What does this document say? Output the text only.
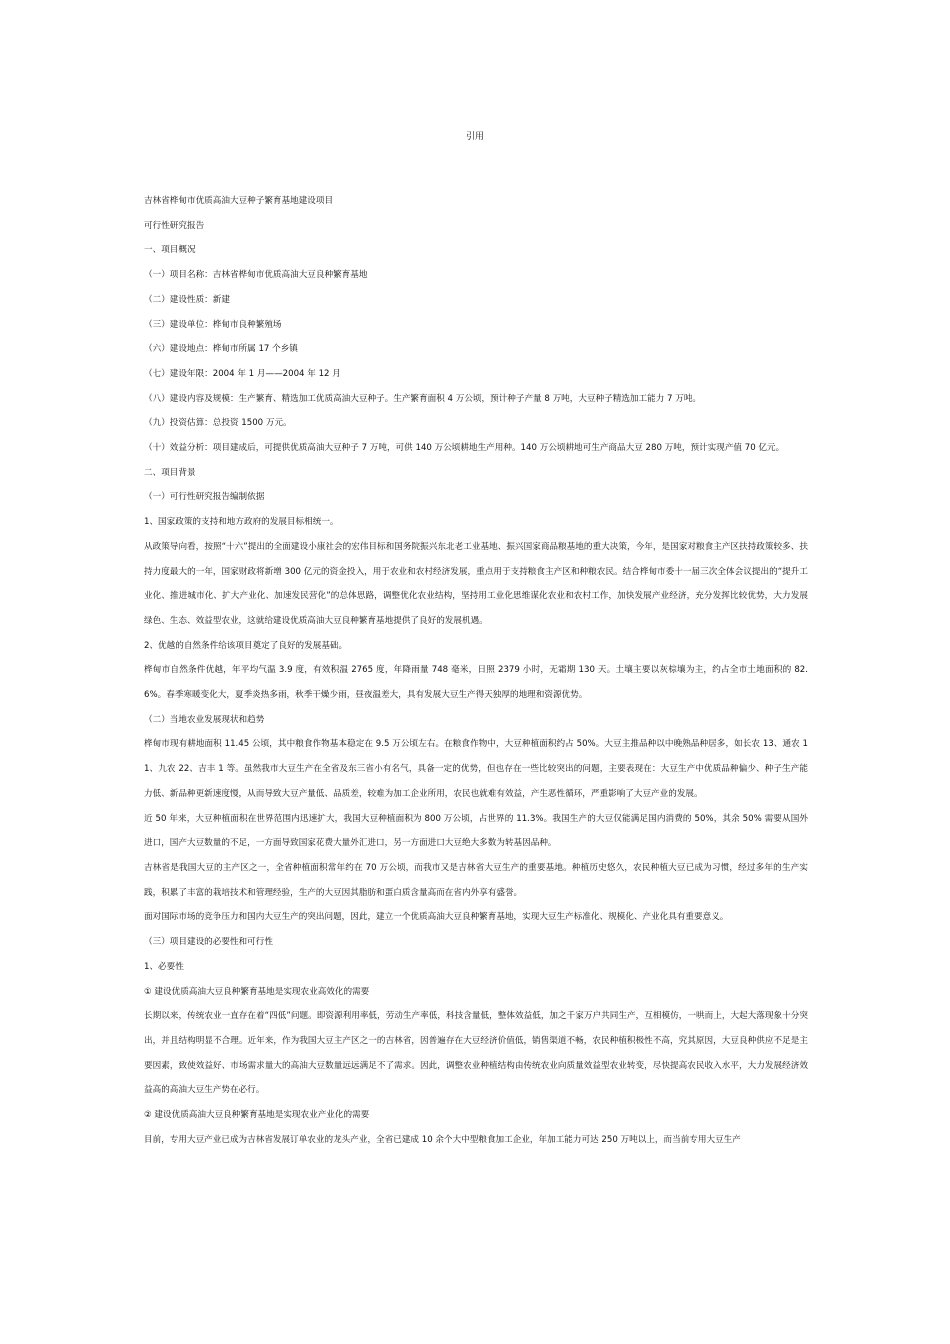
引用

吉林省桦甸市优质高油大豆种子繁育基地建设项目

可行性研究报告

一、项目概况

（一）项目名称：吉林省桦甸市优质高油大豆良种繁育基地

（二）建设性质：新建

（三）建设单位：桦甸市良种繁殖场

（六）建设地点：桦甸市所属 17 个乡镇

（七）建设年限：2004 年 1 月——2004 年 12 月

（八）建设内容及规模：生产繁育、精选加工优质高油大豆种子。生产繁育面积 4 万公顷，预计种子产量 8 万吨，大豆种子精选加工能力 7 万吨。

（九）投资估算：总投资 1500 万元。

（十）效益分析：项目建成后，可提供优质高油大豆种子 7 万吨，可供 140 万公顷耕地生产用种。140 万公顷耕地可生产商品大豆 280 万吨，预计实现产值 70 亿元。

二、项目背景

（一）可行性研究报告编制依据

1、国家政策的支持和地方政府的发展目标相统一。

从政策导向看，按照“十六”提出的全面建设小康社会的宏伟目标和国务院振兴东北老工业基地、振兴国家商品粮基地的重大决策，今年，是国家对粮食主产区扶持政策较多、扶持力度最大的一年，国家财政将新增 300 亿元的资金投入，用于农业和农村经济发展，重点用于支持粮食主产区和种粮农民。结合桦甸市委十一届三次全体会议提出的“提升工业化、推进城市化、扩大产业化、加速发民营化”的总体思路，调整优化农业结构，坚持用工业化思维谋化农业和农村工作，加快发展产业经济，充分发挥比较优势，大力发展绿色、生态、效益型农业，这就给建设优质高油大豆良种繁育基地提供了良好的发展机遇。

2、优越的自然条件给该项目奠定了良好的发展基础。

桦甸市自然条件优越，年平均气温 3.9 度，有效积温 2765 度，年降雨量 748 毫米，日照 2379 小时，无霜期 130 天。土壤主要以灰棕壤为主，约占全市土地面积的 82.6%。春季寒暖变化大，夏季炎热多雨，秋季干燥少雨，昼夜温差大，具有发展大豆生产得天独厚的地理和资源优势。

（二）当地农业发展现状和趋势

桦甸市现有耕地面积 11.45 公顷，其中粮食作物基本稳定在 9.5 万公顷左右。在粮食作物中，大豆种植面积约占 50%。大豆主推品种以中晚熟品种居多，如长农 13、通农 11、九农 22、吉丰 1 等。虽然我市大豆生产在全省及东三省小有名气，具备一定的优势，但也存在一些比较突出的问题，主要表现在：大豆生产中优质品种偏少、种子生产能力低、新品种更新速度慢，从而导致大豆产量低、品质差，较难为加工企业所用，农民也就难有效益，产生恶性循环，严重影响了大豆产业的发展。

近 50 年来，大豆种植面积在世界范围内迅速扩大，我国大豆种植面积为 800 万公顷，占世界的 11.3%。我国生产的大豆仅能满足国内消费的 50%，其余 50% 需要从国外进口，国产大豆数量的不足，一方面导致国家花费大量外汇进口，另一方面进口大豆绝大多数为转基因品种。

吉林省是我国大豆的主产区之一，全省种植面积常年约在 70 万公顷，而我市又是吉林省大豆生产的重要基地。种植历史悠久，农民种植大豆已成为习惯，经过多年的生产实践，积累了丰富的栽培技术和管理经验，生产的大豆因其脂肪和蛋白质含量高而在省内外享有盛誉。

面对国际市场的竞争压力和国内大豆生产的突出问题，因此，建立一个优质高油大豆良种繁育基地，实现大豆生产标准化、规模化、产业化具有重要意义。

（三）项目建设的必要性和可行性

1、必要性

① 建设优质高油大豆良种繁育基地是实现农业高效化的需要

长期以来，传统农业一直存在着“四低”问题。即资源利用率低，劳动生产率低，科技含量低，整体效益低，加之千家万户共同生产，互相模仿，一哄而上，大起大落现象十分突出，并且结构明显不合理。近年来，作为我国大豆主产区之一的吉林省，因普遍存在大豆经济价值低，销售渠道不畅，农民种植积极性不高，究其原因，大豆良种供应不足是主要因素，致使效益好、市场需求量大的高油大豆数量远远满足不了需求。因此，调整农业种植结构由传统农业向质量效益型农业转变，尽快提高农民收入水平，大力发展经济效益高的高油大豆生产势在必行。

② 建设优质高油大豆良种繁育基地是实现农业产业化的需要

目前，专用大豆产业已成为吉林省发展订单农业的龙头产业，全省已建成 10 余个大中型粮食加工企业，年加工能力可达 250 万吨以上，而当前专用大豆生产
